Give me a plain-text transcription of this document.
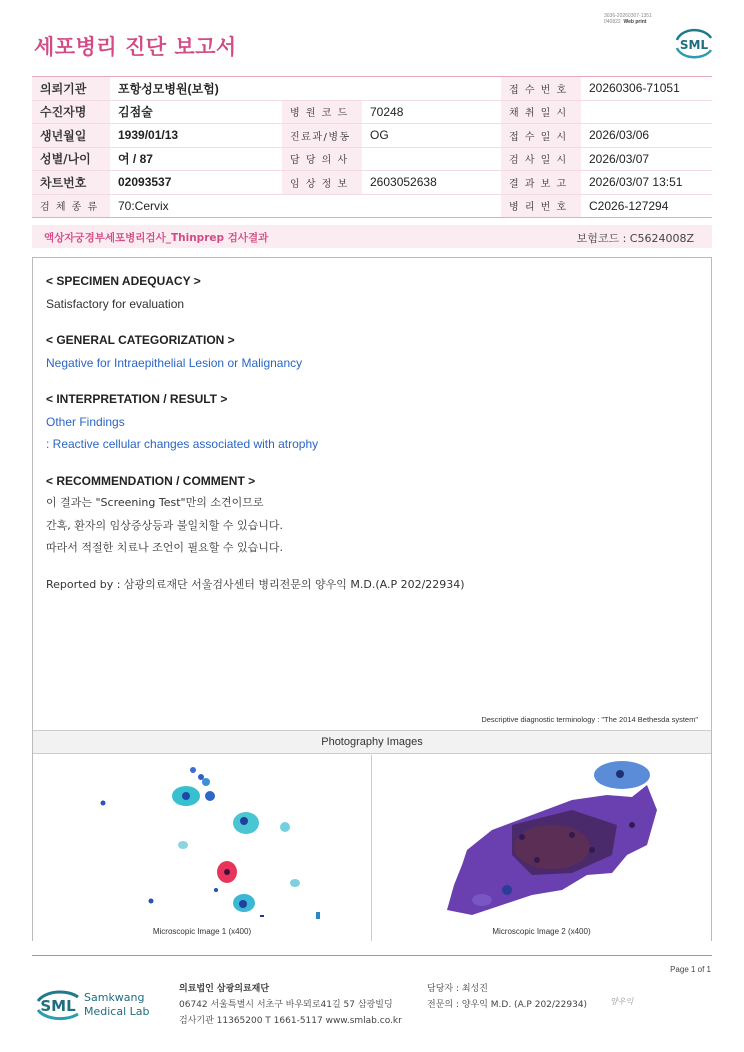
3036-20260307-1351
040822 Web print
세포병리 진단 보고서	SML
의뢰기관	포항성모병원(보험)			접 수 번 호	20260306-71051
수진자명	김점술	병 원 코 드	70248	채 취 일 시	
생년월일	1939/01/13	진료과/병동	OG	접 수 일 시	2026/03/06
성별/나이	여 / 87	담 당 의 사		검 사 일 시	2026/03/07
차트번호	02093537	임 상 정 보	2603052638	결 과 보 고	2026/03/07 13:51
검 체 종 류	70:Cervix			병 리 번 호	C2026-127294
액상자궁경부세포병리검사_Thinprep 검사결과	보험코드 : C5624008Z
< SPECIMEN ADEQUACY >
Satisfactory for evaluation
< GENERAL CATEGORIZATION >
Negative for Intraepithelial Lesion or Malignancy
< INTERPRETATION / RESULT >
Other Findings
: Reactive cellular changes associated with atrophy
< RECOMMENDATION / COMMENT >
이 결과는 "Screening Test"만의 소견이므로
간혹, 환자의 임상증상등과 불일치할 수 있습니다.
따라서 적절한 치료나 조언이 필요할 수 있습니다.
Reported by : 삼광의료재단 서울검사센터 병리전문의 양우익 M.D.(A.P 202/22934)
Descriptive diagnostic terminology : "The 2014 Bethesda system"
Photography Images
Microscopic Image 1 (x400)	Microscopic Image 2 (x400)
Page 1 of 1
SML Samkwang
Medical Lab
의료법인 삼광의료재단
06742 서울특별시 서초구 바우뫼로41길 57 삼광빌딩
검사기관 11365200 T 1661-5117 www.smlab.co.kr
담당자 : 최성진
전문의 : 양우익 M.D. (A.P 202/22934)	양우익
